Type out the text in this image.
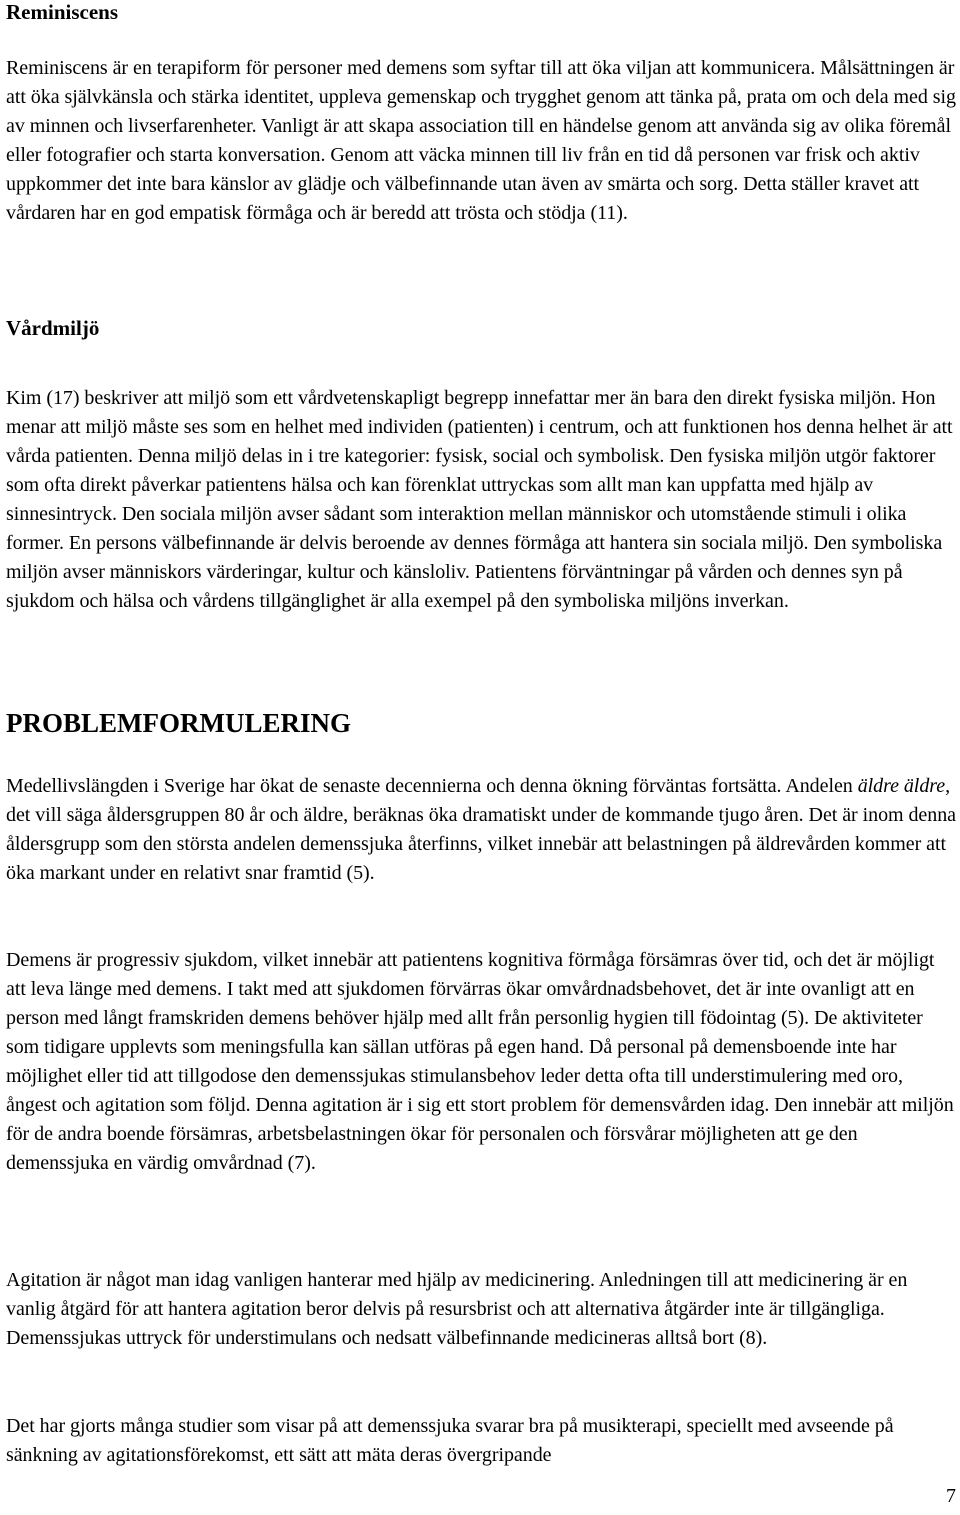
Reminiscens

Reminiscens är en terapiform för personer med demens som syftar till att öka viljan att kommunicera. Målsättningen är att öka självkänsla och stärka identitet, uppleva gemenskap och trygghet genom att tänka på, prata om och dela med sig av minnen och livserfarenheter. Vanligt är att skapa association till en händelse genom att använda sig av olika föremål eller fotografier och starta konversation. Genom att väcka minnen till liv från en tid då personen var frisk och aktiv uppkommer det inte bara känslor av glädje och välbefinnande utan även av smärta och sorg. Detta ställer kravet att vårdaren har en god empatisk förmåga och är beredd att trösta och stödja (11).

Vårdmiljö

Kim (17) beskriver att miljö som ett vårdvetenskapligt begrepp innefattar mer än bara den direkt fysiska miljön. Hon menar att miljö måste ses som en helhet med individen (patienten) i centrum, och att funktionen hos denna helhet är att vårda patienten. Denna miljö delas in i tre kategorier: fysisk, social och symbolisk. Den fysiska miljön utgör faktorer som ofta direkt påverkar patientens hälsa och kan förenklat uttryckas som allt man kan uppfatta med hjälp av sinnesintryck. Den sociala miljön avser sådant som interaktion mellan människor och utomstående stimuli i olika former. En persons välbefinnande är delvis beroende av dennes förmåga att hantera sin sociala miljö. Den symboliska miljön avser människors värderingar, kultur och känsloliv. Patientens förväntningar på vården och dennes syn på sjukdom och hälsa och vårdens tillgänglighet är alla exempel på den symboliska miljöns inverkan.

PROBLEMFORMULERING

Medellivslängden i Sverige har ökat de senaste decennierna och denna ökning förväntas fortsätta. Andelen äldre äldre, det vill säga åldersgruppen 80 år och äldre, beräknas öka dramatiskt under de kommande tjugo åren. Det är inom denna åldersgrupp som den största andelen demenssjuka återfinns, vilket innebär att belastningen på äldrevården kommer att öka markant under en relativt snar framtid (5).

Demens är progressiv sjukdom, vilket innebär att patientens kognitiva förmåga försämras över tid, och det är möjligt att leva länge med demens. I takt med att sjukdomen förvärras ökar omvårdnadsbehovet, det är inte ovanligt att en person med långt framskriden demens behöver hjälp med allt från personlig hygien till födointag (5). De aktiviteter som tidigare upplevts som meningsfulla kan sällan utföras på egen hand. Då personal på demensboende inte har möjlighet eller tid att tillgodose den demenssjukas stimulansbehov leder detta ofta till understimulering med oro, ångest och agitation som följd. Denna agitation är i sig ett stort problem för demensvården idag. Den innebär att miljön för de andra boende försämras, arbetsbelastningen ökar för personalen och försvårar möjligheten att ge den demenssjuka en värdig omvårdnad (7).

Agitation är något man idag vanligen hanterar med hjälp av medicinering. Anledningen till att medicinering är en vanlig åtgärd för att hantera agitation beror delvis på resursbrist och att alternativa åtgärder inte är tillgängliga. Demenssjukas uttryck för understimulans och nedsatt välbefinnande medicineras alltså bort (8).

Det har gjorts många studier som visar på att demenssjuka svarar bra på musikterapi, speciellt med avseende på sänkning av agitationsförekomst, ett sätt att mäta deras övergripande

7
